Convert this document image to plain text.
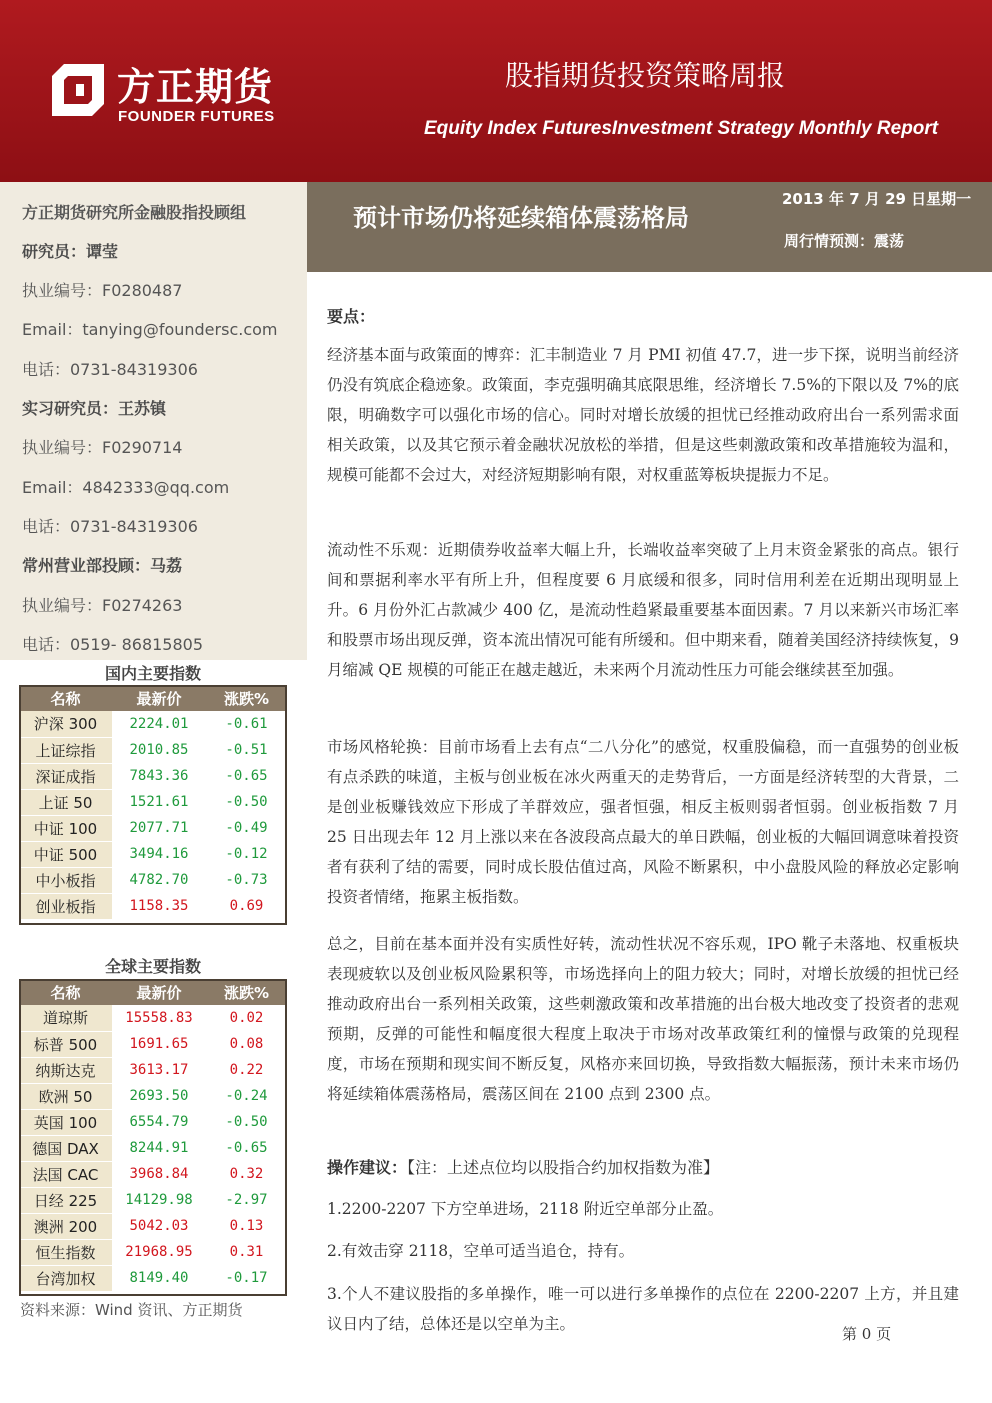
方正期货
FOUNDER FUTURES
股指期货投资策略周报
Equity Index FuturesInvestment Strategy Monthly Report
方正期货研究所金融股指投顾组
研究员：谭莹
执业编号：F0280487
Email：tanying@foundersc.com
电话：0731-84319306
实习研究员：王苏镇
执业编号：F0290714
Email：4842333@qq.com
电话：0731-84319306
常州营业部投顾：马荔
执业编号：F0274263
电话：0519- 86815805
预计市场仍将延续箱体震荡格局
2013 年 7 月 29 日星期一
周行情预测：震荡
国内主要指数
名称	最新价	涨跌%
沪深 300	2224.01	-0.61
上证综指	2010.85	-0.51
深证成指	7843.36	-0.65
上证 50	1521.61	-0.50
中证 100	2077.71	-0.49
中证 500	3494.16	-0.12
中小板指	4782.70	-0.73
创业板指	1158.35	0.69
全球主要指数
名称	最新价	涨跌%
道琼斯	15558.83	0.02
标普 500	1691.65	0.08
纳斯达克	3613.17	0.22
欧洲 50	2693.50	-0.24
英国 100	6554.79	-0.50
德国 DAX	8244.91	-0.65
法国 CAC	3968.84	0.32
日经 225	14129.98	-2.97
澳洲 200	5042.03	0.13
恒生指数	21968.95	0.31
台湾加权	8149.40	-0.17
资料来源：Wind 资讯、方正期货
要点：

经济基本面与政策面的博弈：汇丰制造业 7 月 PMI 初值 47.7，进一步下探，说明当前经济仍没有筑底企稳迹象。政策面，李克强明确其底限思维，经济增长 7.5%的下限以及 7%的底限，明确数字可以强化市场的信心。同时对增长放缓的担忧已经推动政府出台一系列需求面相关政策，以及其它预示着金融状况放松的举措，但是这些刺激政策和改革措施较为温和，规模可能都不会过大，对经济短期影响有限，对权重蓝筹板块提振力不足。

流动性不乐观：近期债券收益率大幅上升，长端收益率突破了上月末资金紧张的高点。银行间和票据利率水平有所上升，但程度要 6 月底缓和很多，同时信用利差在近期出现明显上升。6 月份外汇占款减少 400 亿，是流动性趋紧最重要基本面因素。7 月以来新兴市场汇率和股票市场出现反弹，资本流出情况可能有所缓和。但中期来看，随着美国经济持续恢复，9 月缩减 QE 规模的可能正在越走越近，未来两个月流动性压力可能会继续甚至加强。

市场风格轮换：目前市场看上去有点“二八分化”的感觉，权重股偏稳，而一直强势的创业板有点杀跌的味道，主板与创业板在冰火两重天的走势背后，一方面是经济转型的大背景，二是创业板赚钱效应下形成了羊群效应，强者恒强，相反主板则弱者恒弱。创业板指数 7 月 25 日出现去年 12 月上涨以来在各波段高点最大的单日跌幅，创业板的大幅回调意味着投资者有获利了结的需要，同时成长股估值过高，风险不断累积，中小盘股风险的释放必定影响投资者情绪，拖累主板指数。

总之，目前在基本面并没有实质性好转，流动性状况不容乐观，IPO 靴子未落地、权重板块表现疲软以及创业板风险累积等，市场选择向上的阻力较大；同时，对增长放缓的担忧已经推动政府出台一系列相关政策，这些刺激政策和改革措施的出台极大地改变了投资者的悲观预期，反弹的可能性和幅度很大程度上取决于市场对改革政策红利的憧憬与政策的兑现程度，市场在预期和现实间不断反复，风格亦来回切换，导致指数大幅振荡，预计未来市场仍将延续箱体震荡格局，震荡区间在 2100 点到 2300 点。

操作建议：【注：上述点位均以股指合约加权指数为准】

1.2200-2207 下方空单进场，2118 附近空单部分止盈。

2.有效击穿 2118，空单可适当追仓，持有。

3.个人不建议股指的多单操作，唯一可以进行多单操作的点位在 2200-2207 上方，并且建议日内了结，总体还是以空单为主。

第 0 页
